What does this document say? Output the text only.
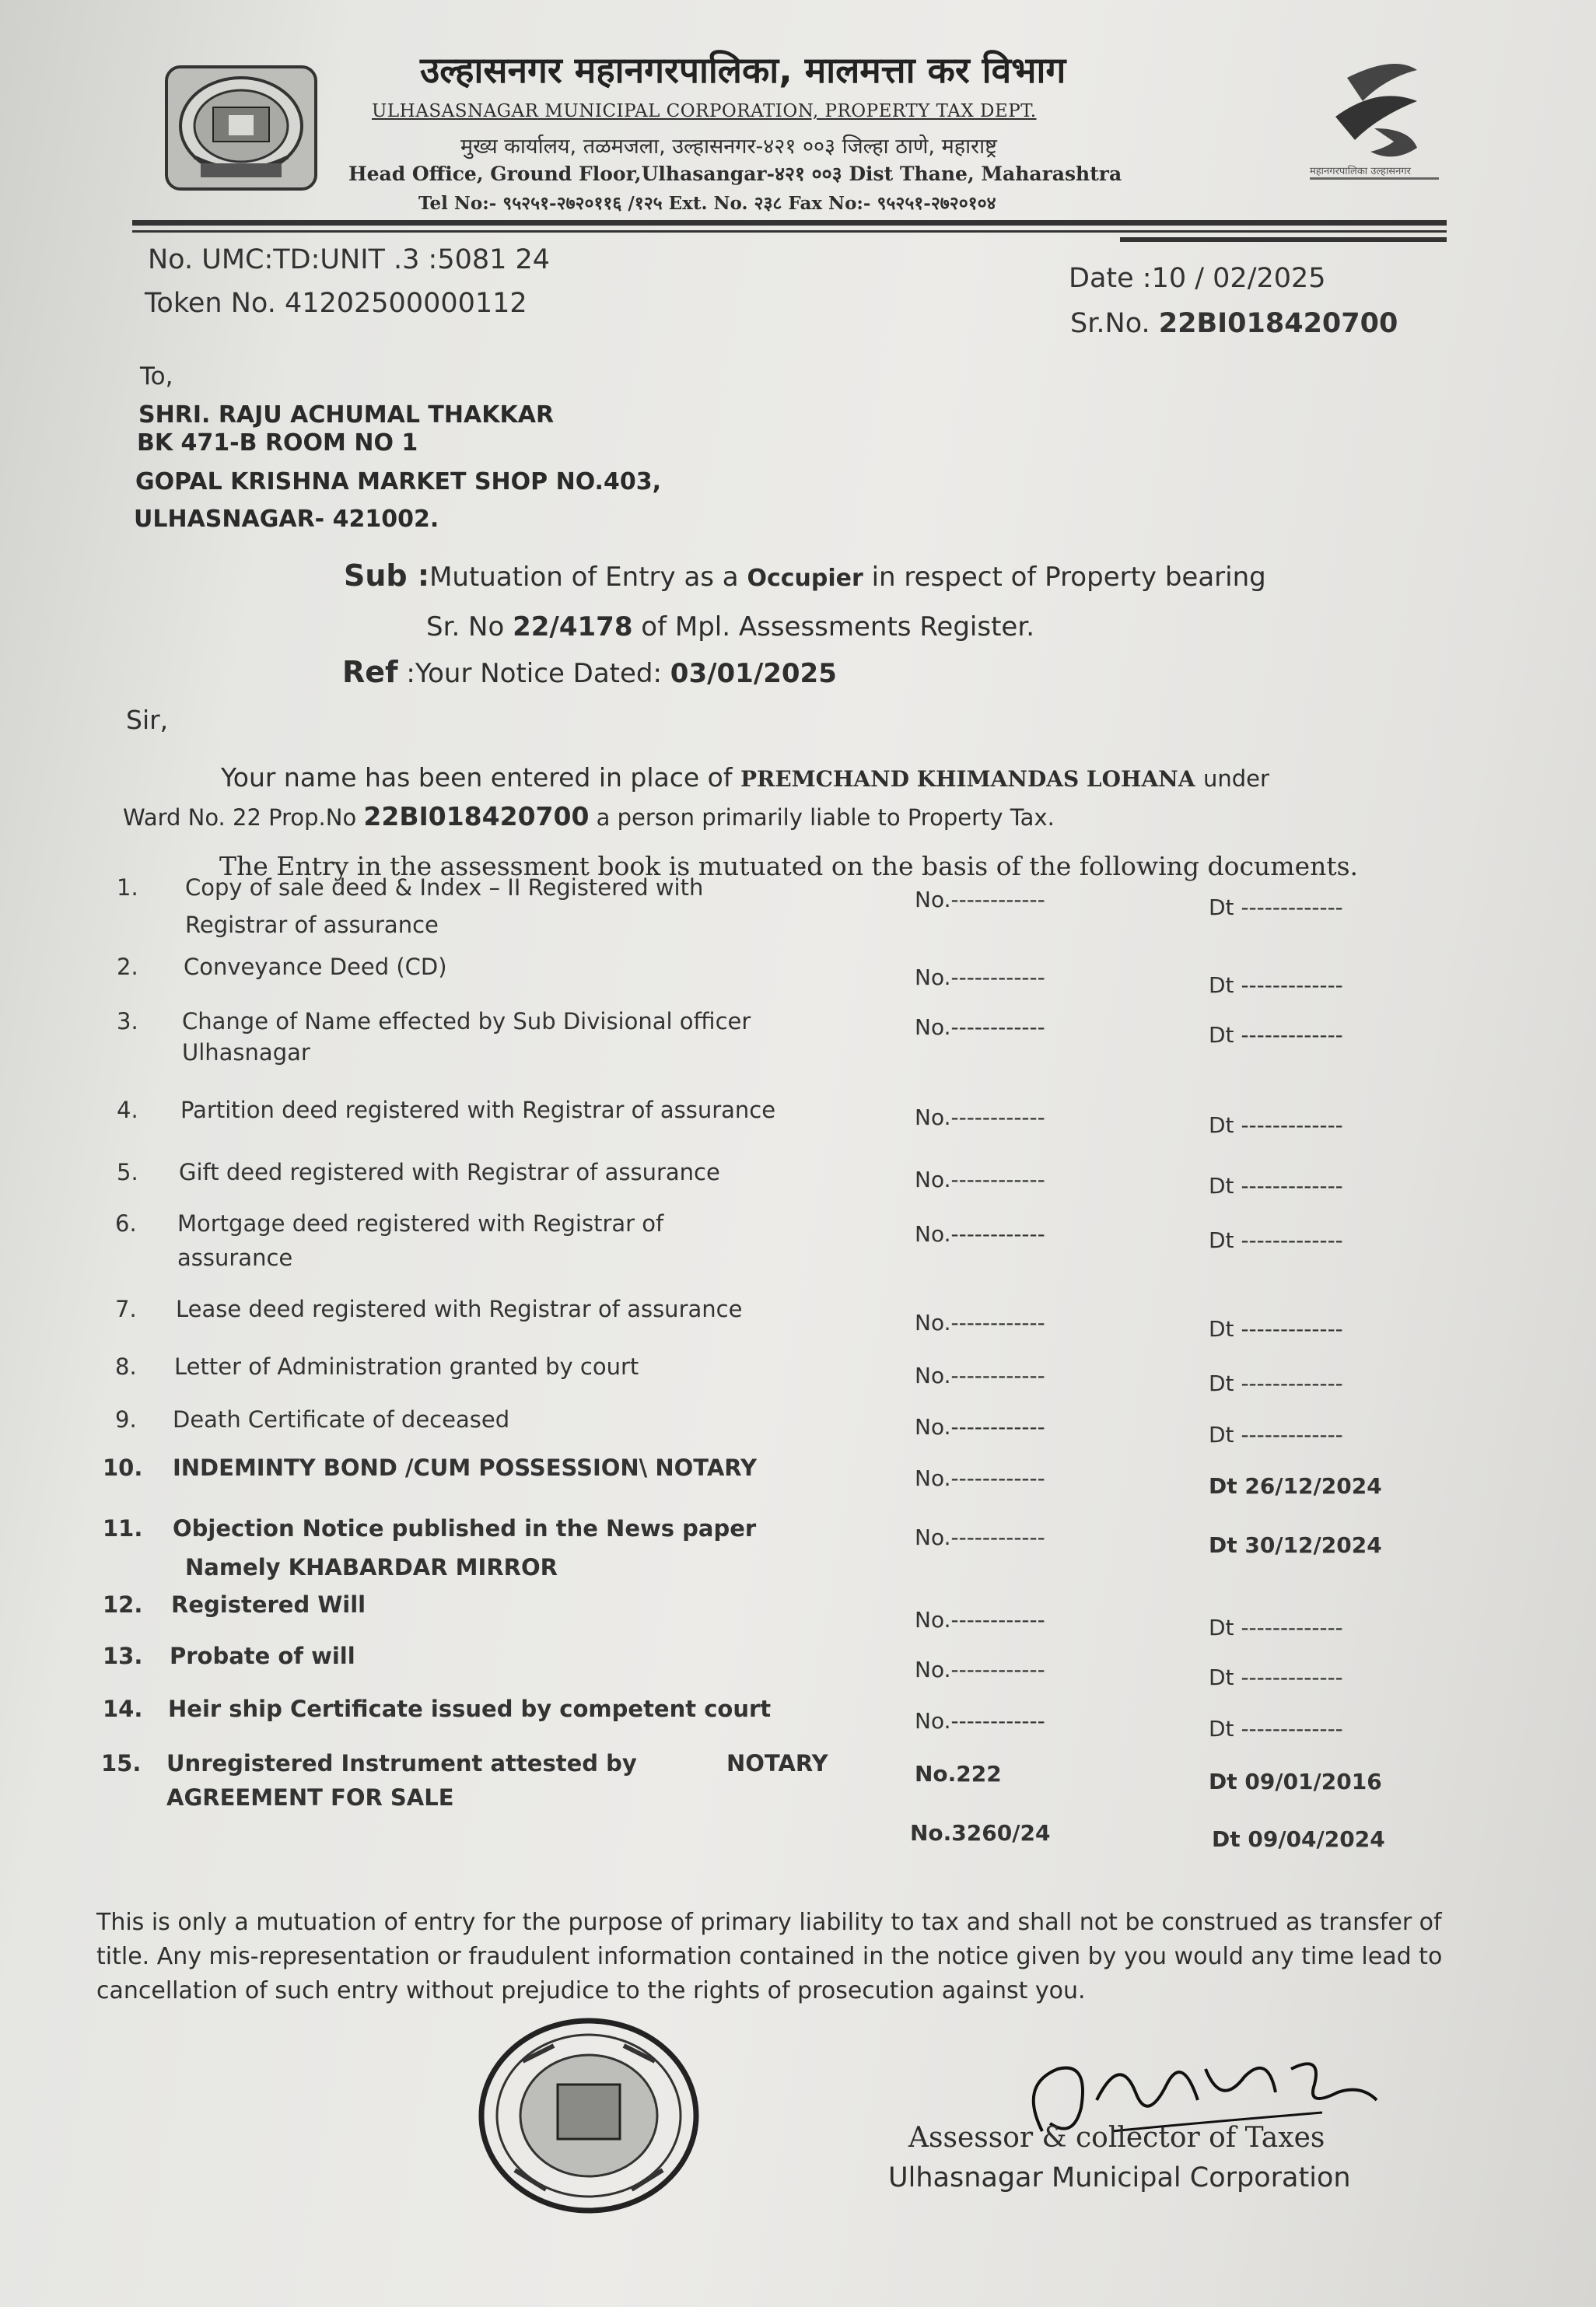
उल्हासनगर महानगरपालिका, मालमत्ता कर विभाग
ULHASASNAGAR MUNICIPAL CORPORATION, PROPERTY TAX DEPT.
मुख्य कार्यालय, तळमजला, उल्हासनगर-४२१ ००३ जिल्हा ठाणे, महाराष्ट्र
Head Office, Ground Floor,Ulhasangar-४२१ ००३ Dist Thane, Maharashtra
Tel No:- ९५२५१-२७२०११६ /१२५ Ext. No. २३८ Fax No:- ९५२५१-२७२०१०४
महानगरपालिका उल्हासनगर
No. UMC:TD:UNIT .3 :5081 24
Token No. 41202500000112
Date :10 / 02/2025
Sr.No. 22BI018420700
To,
SHRI. RAJU ACHUMAL THAKKAR
BK 471-B ROOM NO 1
GOPAL KRISHNA MARKET SHOP NO.403,
ULHASNAGAR- 421002.
Sub :Mutuation of Entry as a Occupier in respect of Property bearing
Sr. No 22/4178 of Mpl. Assessments Register.
Ref :Your Notice Dated: 03/01/2025
Sir,
Your name has been entered in place of PREMCHAND KHIMANDAS LOHANA under
Ward No. 22 Prop.No 22BI018420700 a person primarily liable to Property Tax.
The Entry in the assessment book is mutuated on the basis of the following documents.
1. Copy of sale deed & Index – II Registered with
Registrar of assurance
No.------------	Dt -------------
2. Conveyance Deed (CD)	No.------------	Dt -------------
3. Change of Name effected by Sub Divisional officer
Ulhasnagar
No.------------	Dt -------------
4. Partition deed registered with Registrar of assurance	No.------------	Dt -------------
5. Gift deed registered with Registrar of assurance	No.------------	Dt -------------
6. Mortgage deed registered with Registrar of
assurance
No.------------	Dt -------------
7. Lease deed registered with Registrar of assurance
No.------------	Dt -------------
8. Letter of Administration granted by court	No.------------	Dt -------------
9. Death Certificate of deceased	No.------------	Dt -------------
10. INDEMINTY BOND /CUM POSSESSION\ NOTARY	No.------------	Dt 26/12/2024
11. Objection Notice published in the News paper
Namely KHABARDAR MIRROR
No.------------	Dt 30/12/2024
12. Registered Will
No.------------	Dt -------------
13. Probate of will
No.------------	Dt -------------
14. Heir ship Certificate issued by competent court	No.------------	Dt -------------
15. Unregistered Instrument attested by	NOTARY
AGREEMENT FOR SALE
No.222	Dt 09/01/2016
No.3260/24	Dt 09/04/2024
This is only a mutuation of entry for the purpose of primary liability to tax and shall not be construed as transfer of title. Any mis-representation or fraudulent information contained in the notice given by you would any time lead to cancellation of such entry without prejudice to the rights of prosecution against you.
Assessor & collector of Taxes
Ulhasnagar Municipal Corporation
